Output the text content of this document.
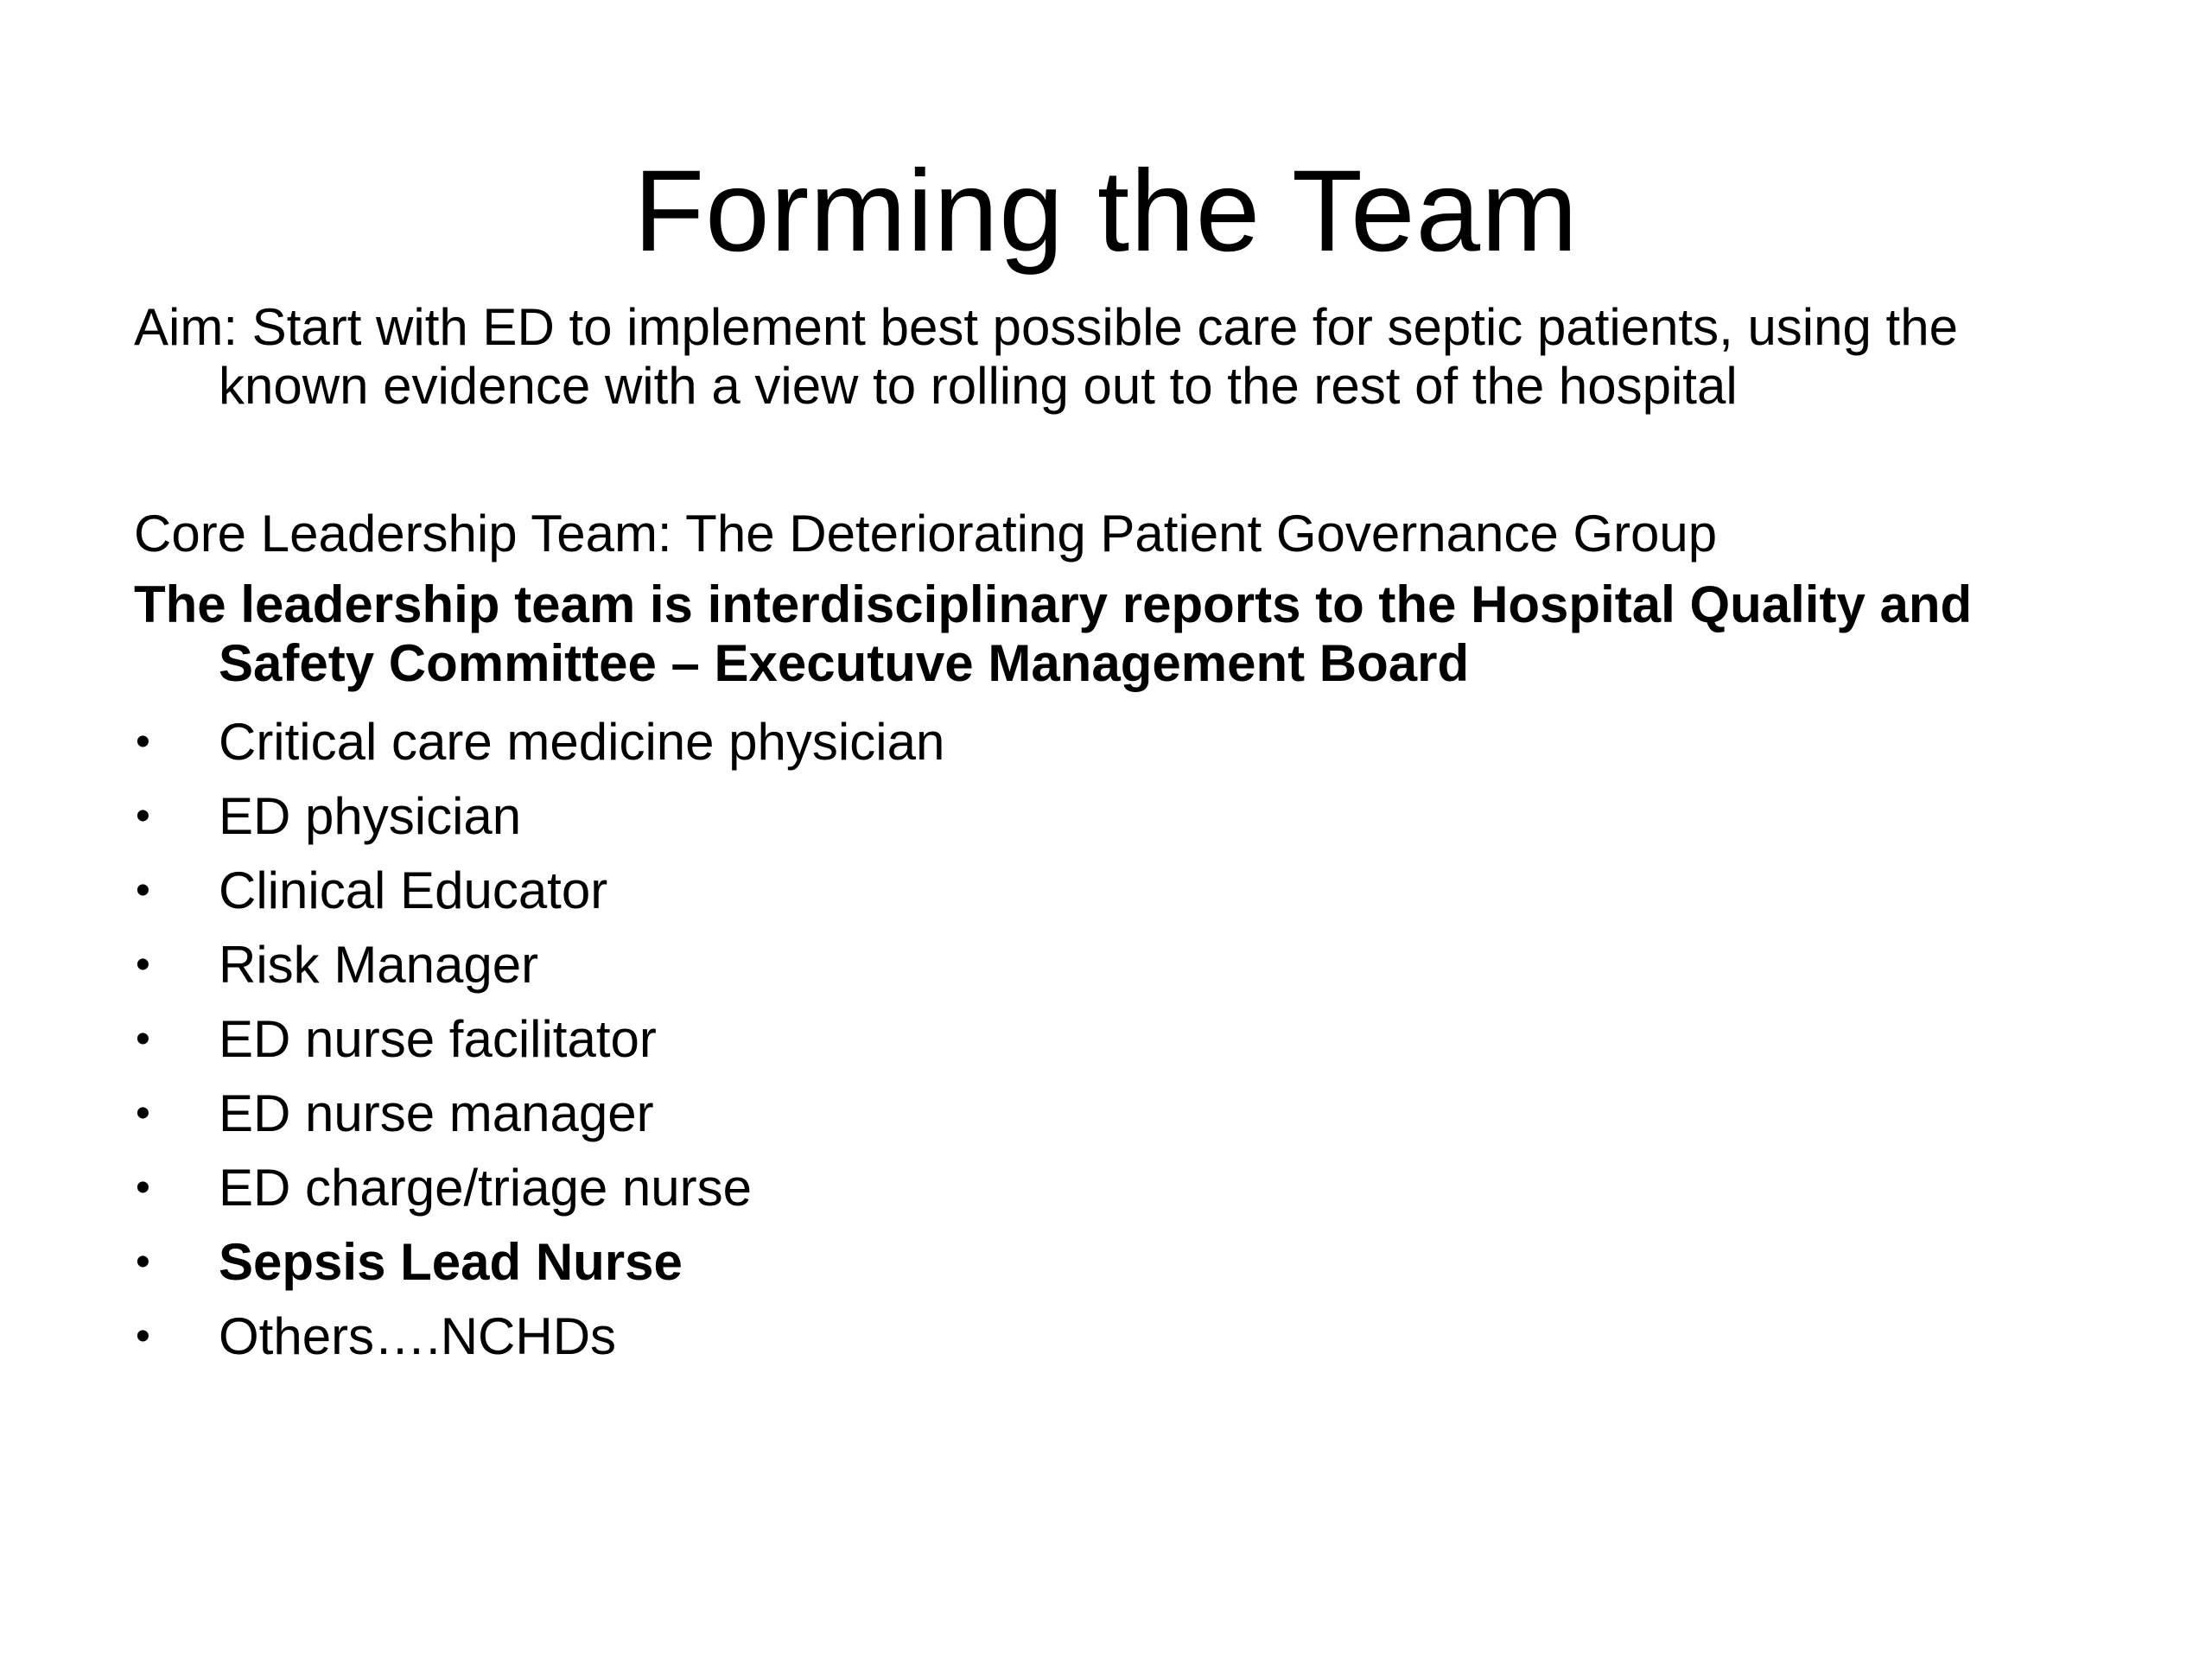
Forming the Team

Aim: Start with ED to implement best possible care for septic patients, using the known evidence with a view to rolling out to the rest of the hospital

Core Leadership Team: The Deteriorating Patient Governance Group

The leadership team is interdisciplinary reports to the Hospital Quality and Safety Committee – Executuve Management Board

•	Critical care medicine physician
•	ED physician
•	Clinical Educator
•	Risk Manager
•	ED nurse facilitator
•	ED nurse manager
•	ED charge/triage nurse
•	Sepsis Lead Nurse
•	Others….NCHDs
